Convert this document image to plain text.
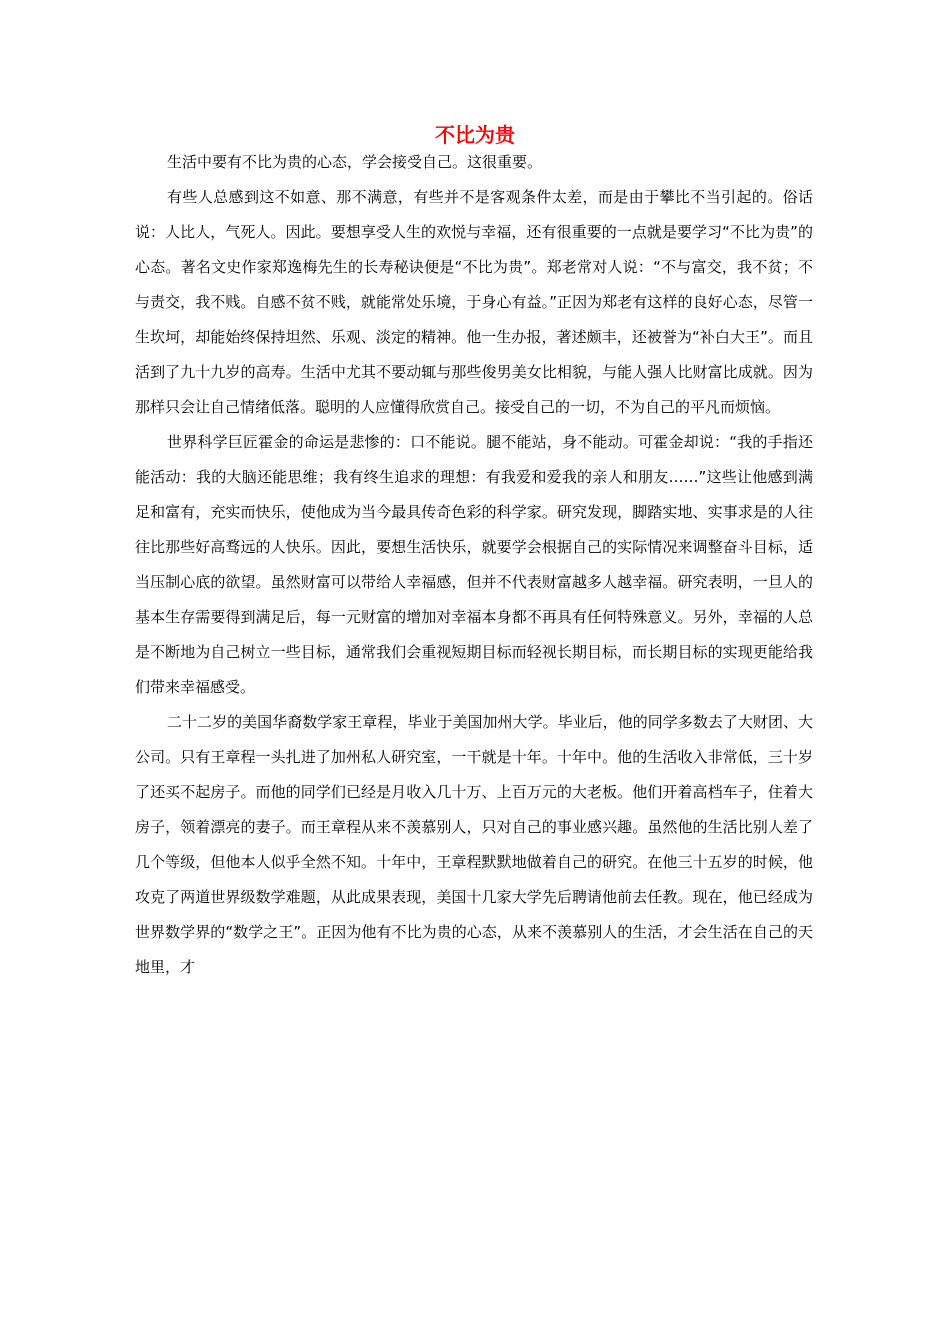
不比为贵

生活中要有不比为贵的心态，学会接受自己。这很重要。

有些人总感到这不如意、那不满意，有些并不是客观条件太差，而是由于攀比不当引起的。俗话说：人比人，气死人。因此。要想享受人生的欢悦与幸福，还有很重要的一点就是要学习“不比为贵”的心态。著名文史作家郑逸梅先生的长寿秘诀便是“不比为贵”。郑老常对人说：“不与富交，我不贫；不与责交，我不贱。自感不贫不贱，就能常处乐境，于身心有益。”正因为郑老有这样的良好心态，尽管一生坎坷，却能始终保持坦然、乐观、淡定的精神。他一生办报，著述颇丰，还被誉为“补白大王”。而且活到了九十九岁的高寿。生活中尤其不要动辄与那些俊男美女比相貌，与能人强人比财富比成就。因为那样只会让自己情绪低落。聪明的人应懂得欣赏自己。接受自己的一切，不为自己的平凡而烦恼。

世界科学巨匠霍金的命运是悲惨的：口不能说。腿不能站，身不能动。可霍金却说：“我的手指还能活动：我的大脑还能思维；我有终生追求的理想：有我爱和爱我的亲人和朋友……”这些让他感到满足和富有，充实而快乐，使他成为当今最具传奇色彩的科学家。研究发现，脚踏实地、实事求是的人往往比那些好高骛远的人快乐。因此，要想生活快乐，就要学会根据自己的实际情况来调整奋斗目标，适当压制心底的欲望。虽然财富可以带给人幸福感，但并不代表财富越多人越幸福。研究表明，一旦人的基本生存需要得到满足后，每一元财富的增加对幸福本身都不再具有任何特殊意义。另外，幸福的人总是不断地为自己树立一些目标，通常我们会重视短期目标而轻视长期目标，而长期目标的实现更能给我们带来幸福感受。

二十二岁的美国华裔数学家王章程，毕业于美国加州大学。毕业后，他的同学多数去了大财团、大公司。只有王章程一头扎进了加州私人研究室，一干就是十年。十年中。他的生活收入非常低，三十岁了还买不起房子。而他的同学们已经是月收入几十万、上百万元的大老板。他们开着高档车子，住着大房子，领着漂亮的妻子。而王章程从来不羡慕别人，只对自己的事业感兴趣。虽然他的生活比别人差了几个等级，但他本人似乎全然不知。十年中，王章程默默地做着自己的研究。在他三十五岁的时候，他攻克了两道世界级数学难题，从此成果表现，美国十几家大学先后聘请他前去任教。现在，他已经成为世界数学界的“数学之王”。正因为他有不比为贵的心态，从来不羡慕别人的生活，才会生活在自己的天地里，才
